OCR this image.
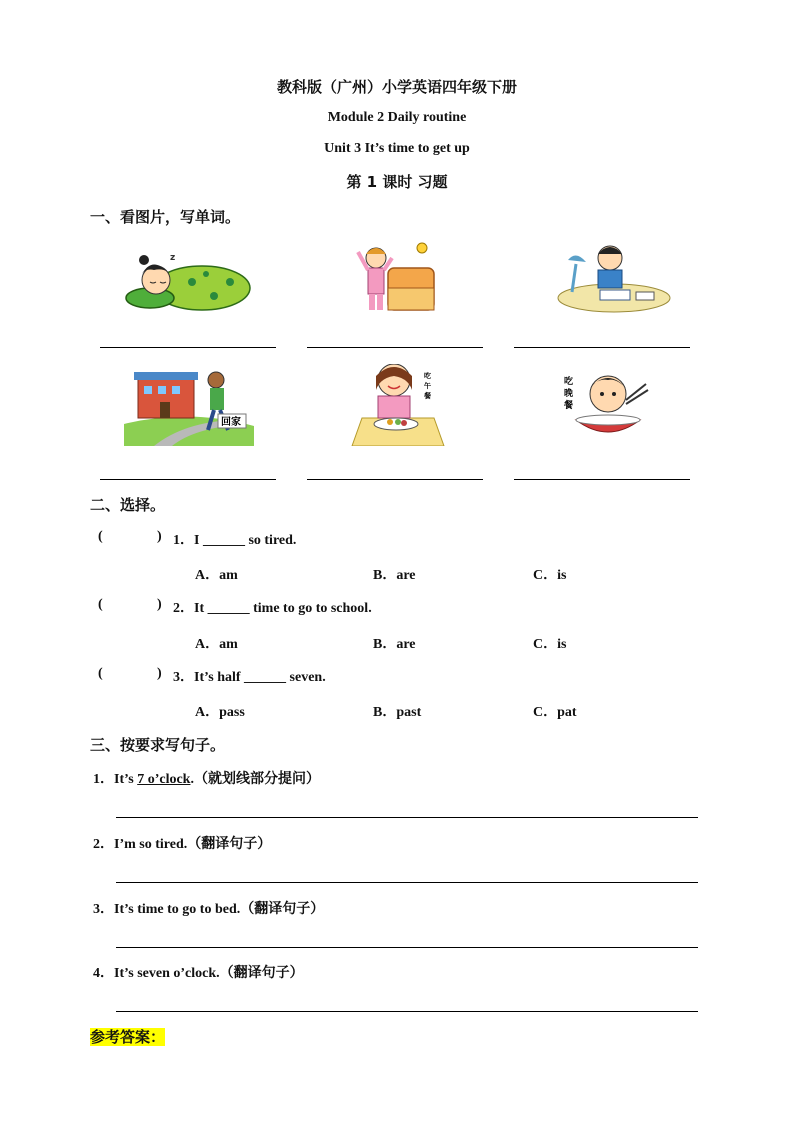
教科版（广州）小学英语四年级下册
Module 2 Daily routine
Unit 3 It’s time to get up
第 1 课时 习题
一、看图片，写单词。
z
回家
吃
午
餐
吃
晚
餐
二、选择。
(	) 1．I ______ so tired.
A．am	B．are	C．is
(	) 2．It ______ time to go to school.
A．am	B．are	C．is
(	) 3．It’s half ______ seven.
A．pass	B．past	C．pat
三、按要求写句子。
1．It’s 7 o’clock.（就划线部分提问）
2．I’m so tired.（翻译句子）
3．It’s time to go to bed.（翻译句子）
4．It’s seven o’clock.（翻译句子）
参考答案：
